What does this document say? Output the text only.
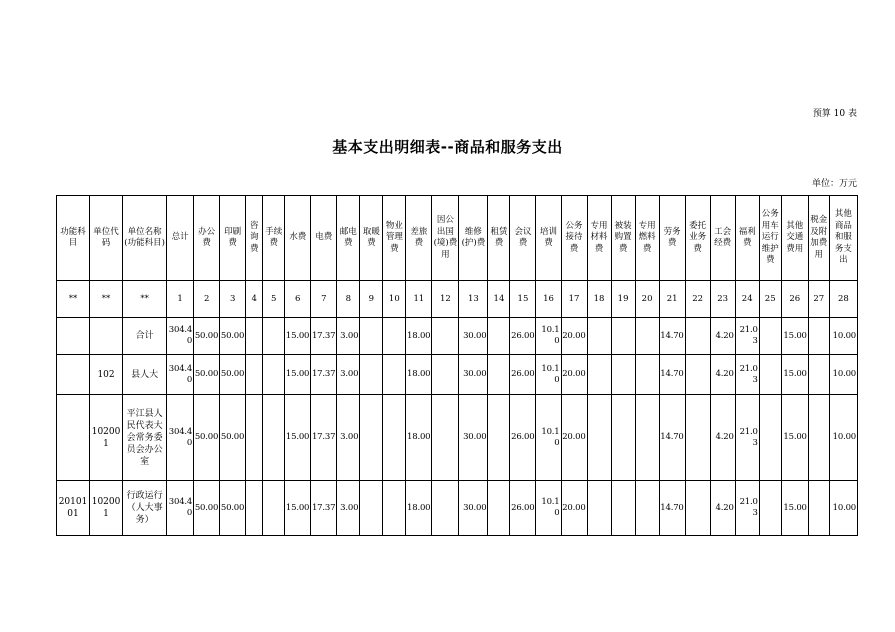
预算 10 表
基本支出明细表--商品和服务支出
单位：万元
功能科目	单位代码	单位名称(功能科目)	总计	办公费	印刷费	咨询费	手续费	水费	电费	邮电费	取暖费	物业管理费	差旅费	因公出国(境)费用	维修(护)费	租赁费	会议费	培训费	公务接待费	专用材料费	被装购置费	专用燃料费	劳务费	委托业务费	工会经费	福利费	公务用车运行维护费	其他交通费用	税金及附加费用	其他商品和服务支出
**	**	**	1	2	3	4	5	6	7	8	9	10	11	12	13	14	15	16	17	18	19	20	21	22	23	24	25	26	27	28
		合计	304.40	50.00	50.00			15.00	17.37	3.00			18.00		30.00		26.00	10.10	20.00				14.70		4.20	21.03		15.00		10.00
	102	县人大	304.40	50.00	50.00			15.00	17.37	3.00			18.00		30.00		26.00	10.10	20.00				14.70		4.20	21.03		15.00		10.00
	102001	平江县人民代表大会常务委员会办公室	304.40	50.00	50.00			15.00	17.37	3.00			18.00		30.00		26.00	10.10	20.00				14.70		4.20	21.03		15.00		10.00
2010101	102001	行政运行（人大事务）	304.40	50.00	50.00			15.00	17.37	3.00			18.00		30.00		26.00	10.10	20.00				14.70		4.20	21.03		15.00		10.00
